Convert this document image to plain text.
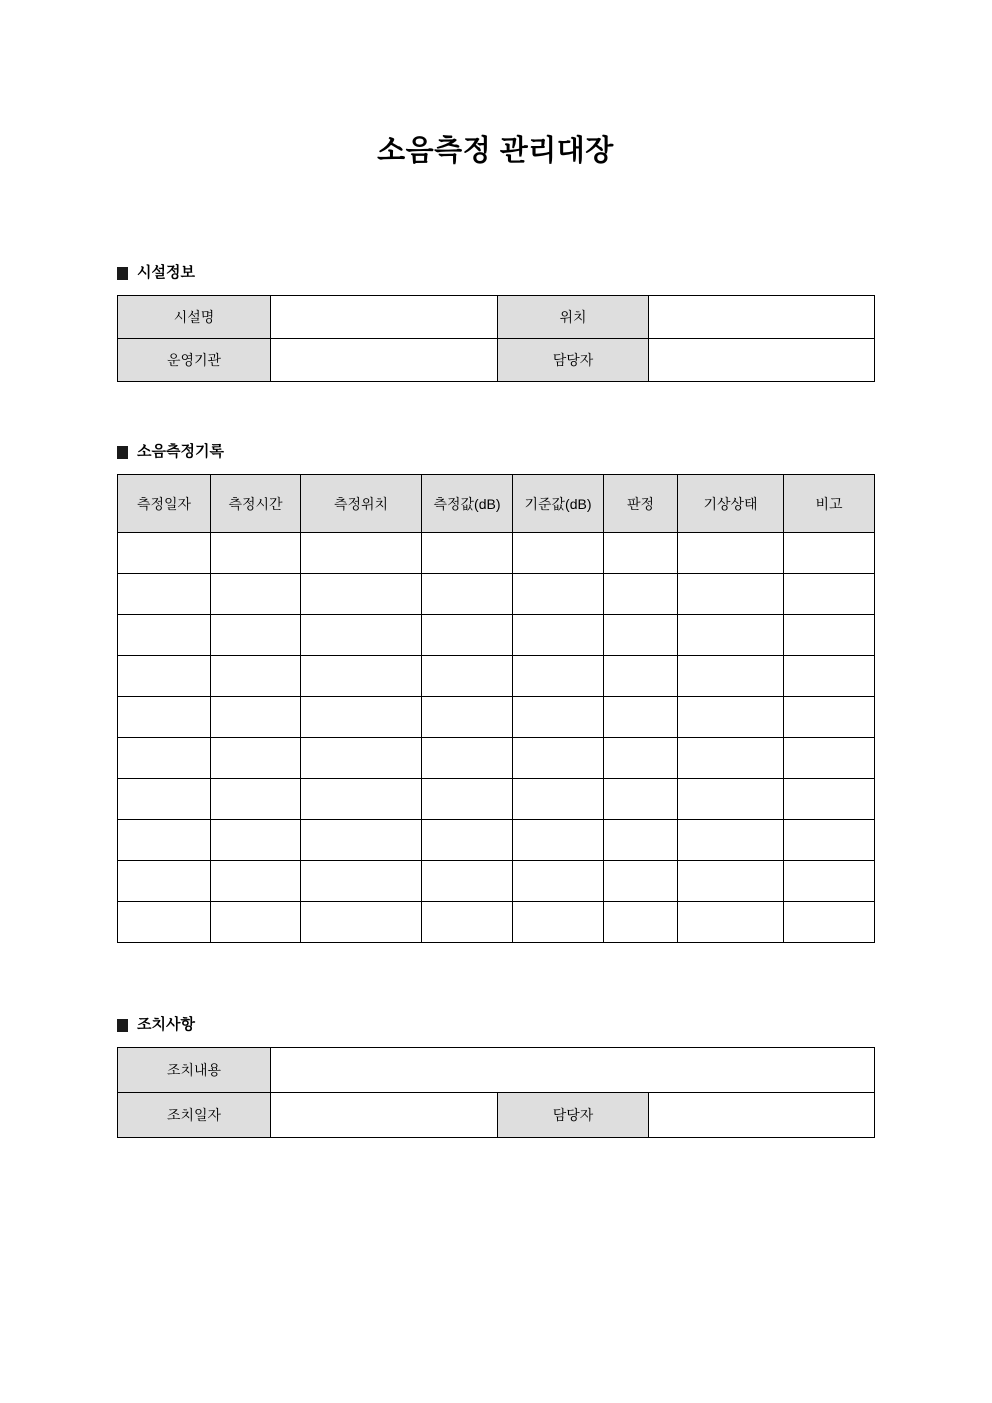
소음측정 관리대장
시설정보
시설명		위치	
운영기관		담당자	
소음측정기록
측정일자	측정시간	측정위치	측정값(dB)	기준값(dB)	판정	기상상태	비고

조치사항
조치내용			
조치일자		담당자	
